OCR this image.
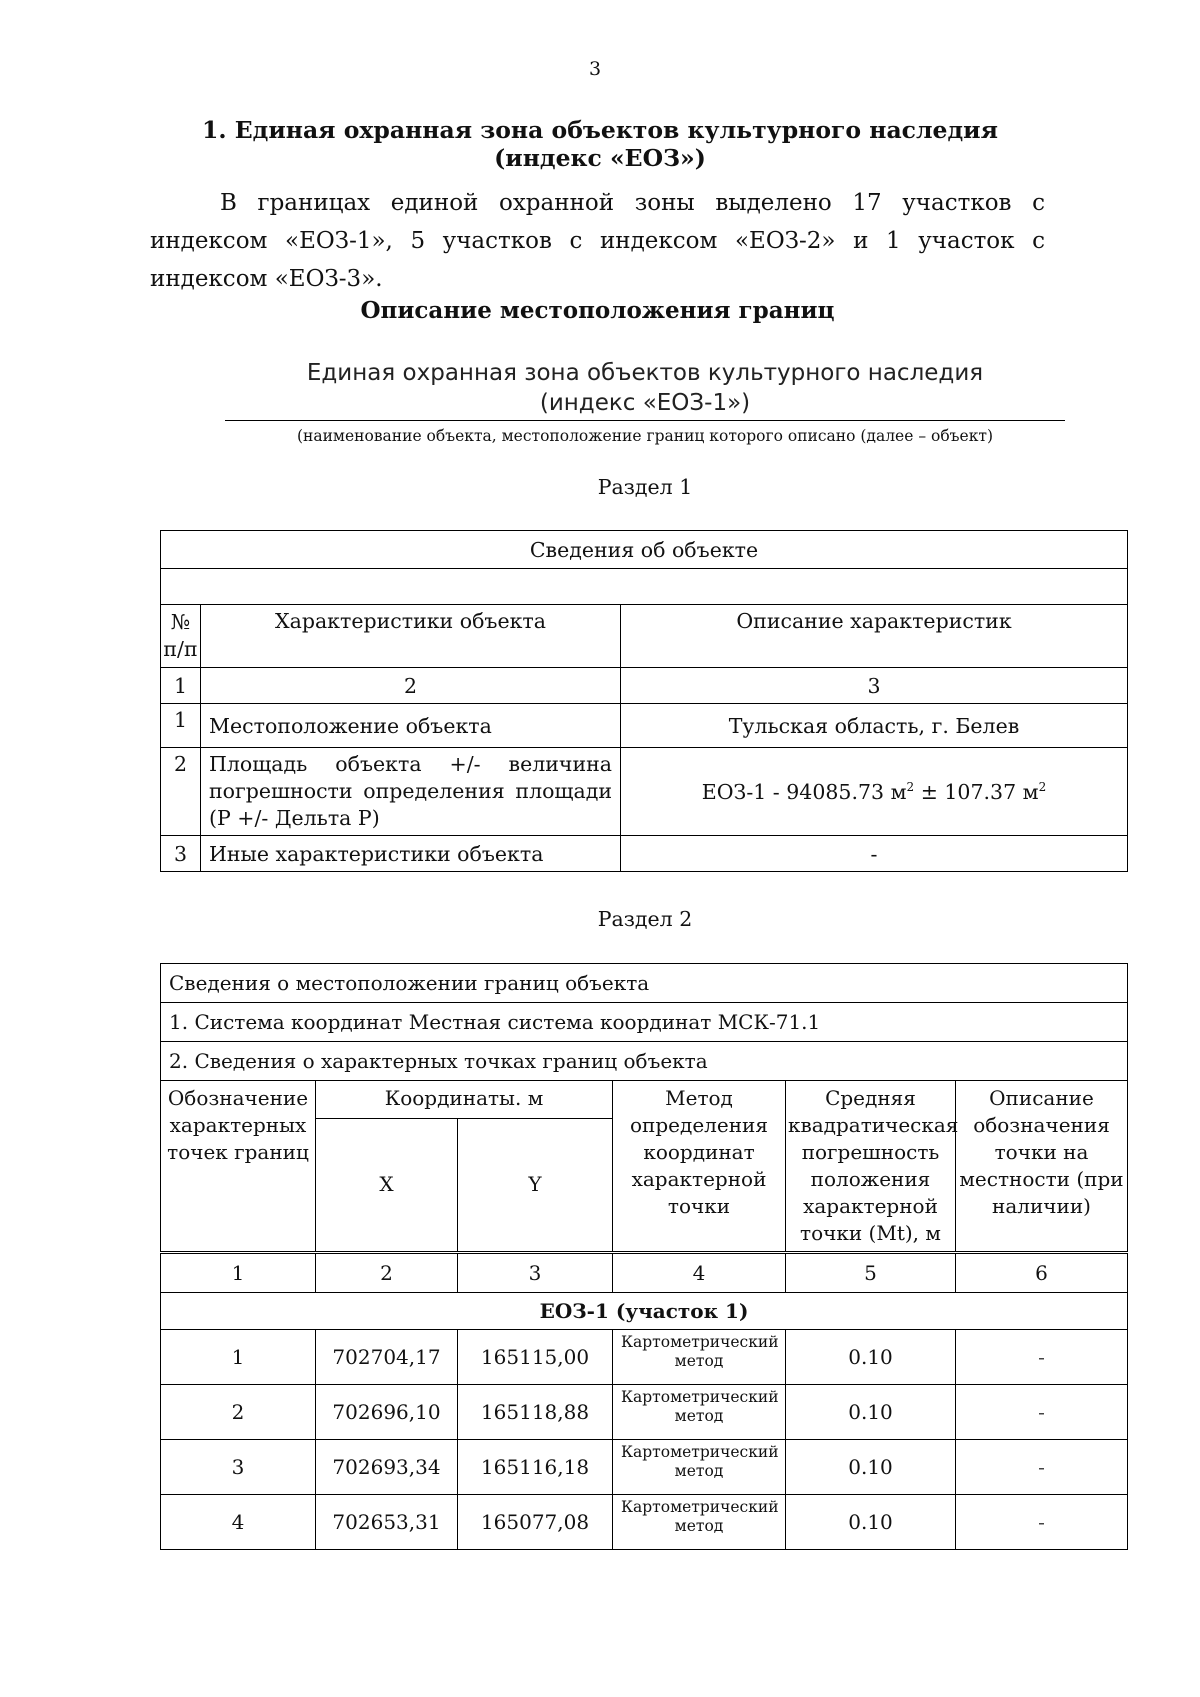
3
1. Единая охранная зона объектов культурного наследия (индекс «ЕОЗ»)
В границах единой охранной зоны выделено 17 участков с индексом «ЕОЗ-1», 5 участков с индексом «ЕОЗ-2» и 1 участок с индексом «ЕОЗ-3».
Описание местоположения границ
Единая охранная зона объектов культурного наследия
(индекс «ЕОЗ-1»)
(наименование объекта, местоположение границ которого описано (далее – объект)
Раздел 1
Сведения об объекте		

№ п/п	Характеристики объекта	Описание характеристик
1	2	3
1	Местоположение объекта	Тульская область, г. Белев
2	Площадь объекта +/- величина погрешности определения площади (Р +/- Дельта Р)	ЕОЗ-1 - 94085.73 $м^2 \pm 107.37$ $м^2$
3	Иные характеристики объекта	-
Раздел 2
Сведения о местоположении границ объекта					
1. Система координат Местная система координат МСК-71.1					
2. Сведения о характерных точках границ объекта					
Обозначение характерных точек границ	Координаты. м		Метод определения координат характерной точки	Средняя квадратическая погрешность положения характерной точки (Mt), м	Описание обозначения точки на местности (при наличии)
	X	Y			
1	2	3	4	5	6
ЕОЗ-1 (участок 1)					
1	702704,17	165115,00	Картометрический метод	0.10	-
2	702696,10	165118,88	Картометрический метод	0.10	-
3	702693,34	165116,18	Картометрический метод	0.10	-
4	702653,31	165077,08	Картометрический метод	0.10	-
